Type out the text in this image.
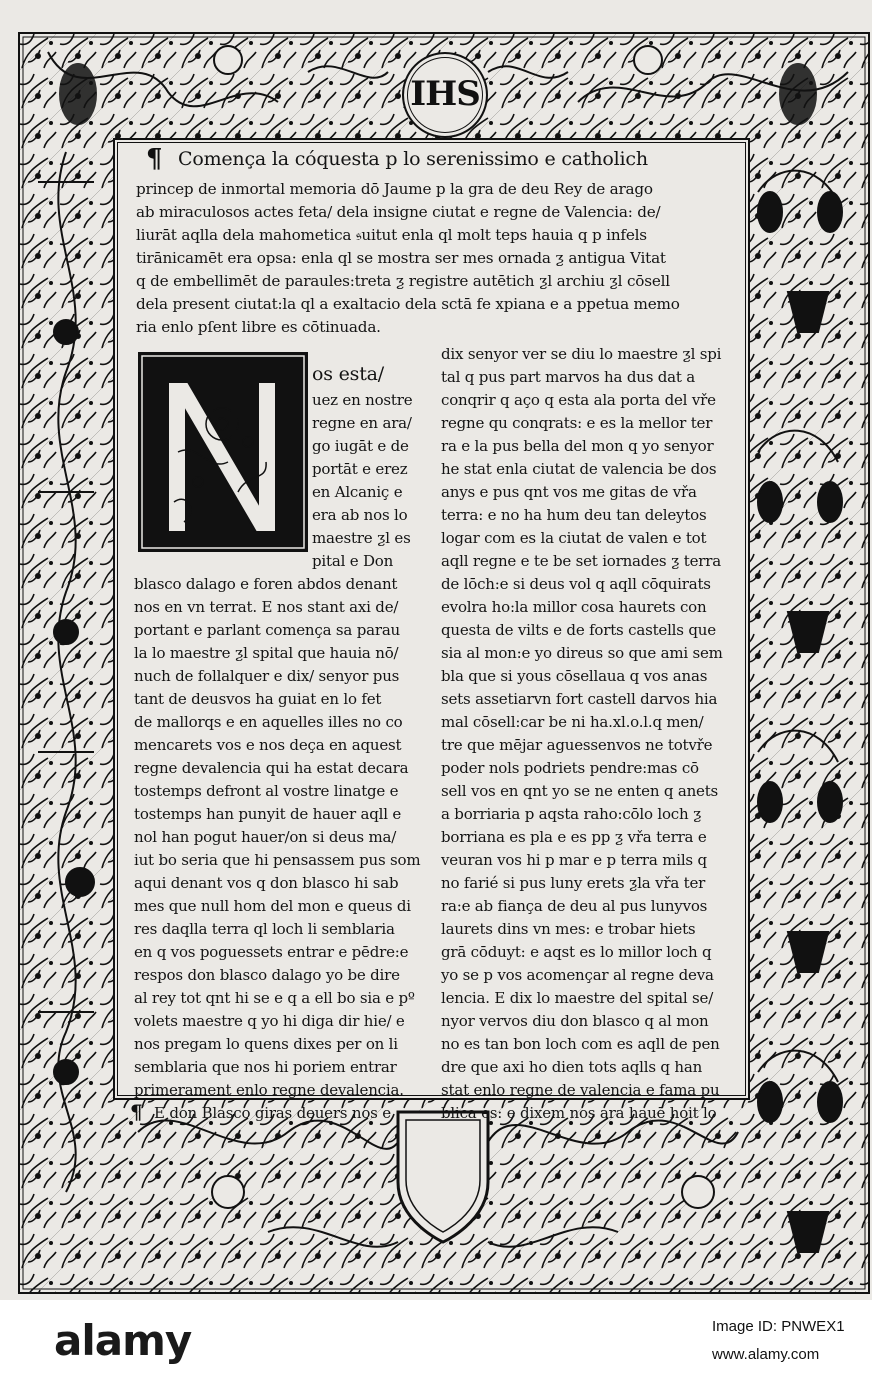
IHS
¶ Comença la cóquesta p lo serenissimo e catholich
princep de inmortal memoria dō Jaume p la gra de deu Rey de arago
ab miraculosos actes feta/ dela insigne ciutat e regne de Valencia: de/
liurāt aqlla dela mahometica 𝔰uitut enla ql molt teps hauia q p infels
tirānicamēt era opsa: enla ql se mostra ser mes ornada ƺ antigua Vitat
q de embellimēt de paraules:treta ƺ registre autētich ƺl archiu ƺl cōsell
dela present ciutat:la ql a exaltacio dela sctā fe xpiana e a ppetua memo
ria enlo pſent libre es cōtinuada.
os esta/
uez en nostre
regne en ara/
go iugāt e de
portāt e erez
en Alcaniç e
era ab nos lo
maestre ƺl es
pital e Don
blasco dalago e foren abdos denant
nos en vn terrat. E nos stant axi de/
portant e parlant comença sa parau
la lo maestre ƺl spital que hauia nō/
nuch de follalquer e dix/ senyor pus
tant de deusvos ha guiat en lo fet
de mallorqs e en aquelles illes no co
mencarets vos e nos deça en aquest
regne devalencia qui ha estat decara
tostemps defront al vostre linatge e
tostemps han punyit de hauer aqll e
nol han pogut hauer/on si deus ma/
iut bo seria que hi pensassem pus som
aqui denant vos q don blasco hi sab
mes que null hom del mon e queus di
res daqlla terra ql loch li semblaria
en q vos poguessets entrar e pēdre:e
respos don blasco dalago yo be dire
al rey tot qnt hi se e q a ell bo sia e pº
volets maestre q yo hi diga dir hie/ e
nos pregam lo quens dixes per on li
semblaria que nos hi poriem entrar
primerament enlo regne devalencia.
¶ E don Blasco giras deuers nos e
dix senyor ver se diu lo maestre ƺl spi
tal q pus part marvos ha dus dat a
conqrir q aço q esta ala porta del vře
regne qu conqrats: e es la mellor ter
ra e la pus bella del mon q yo senyor
he stat enla ciutat de valencia be dos
anys e pus qnt vos me gitas de vřa
terra: e no ha hum deu tan deleytos
logar com es la ciutat de valen e tot
aqll regne e te be set iornades ƺ terra
de lōch:e si deus vol q aqll cōquirats
evolra ho:la millor cosa haurets con
questa de vilts e de forts castells que
sia al mon:e yo direus so que ami sem
bla que si yous cōsellaua q vos anas
sets assetiarvn fort castell darvos hia
mal cōsell:car be ni ha.xl.o.l.q men/
tre que mējar aguessenvos ne totvře
poder nols podriets pendre:mas cō
sell vos en qnt yo se ne enten q anets
a borriaria p aqsta raho:cōlo loch ƺ
borriana es pla e es pp ƺ vřa terra e
veuran vos hi p mar e p terra mils q
no farié si pus luny erets ƺla vřa ter
ra:e ab fiança de deu al pus lunyvos
laurets dins vn mes: e trobar hiets
grā cōduyt: e aqst es lo millor loch q
yo se p vos acomençar al regne deva
lencia. E dix lo maestre del spital se/
nyor vervos diu don blasco q al mon
no es tan bon loch com es aqll de pen
dre que axi ho dien tots aqlls q han
stat enlo regne de valencia e fama pu
blica es: e dixem nos ara hauē hoit lo
alamy	Image ID: PNWEX1
www.alamy.com
